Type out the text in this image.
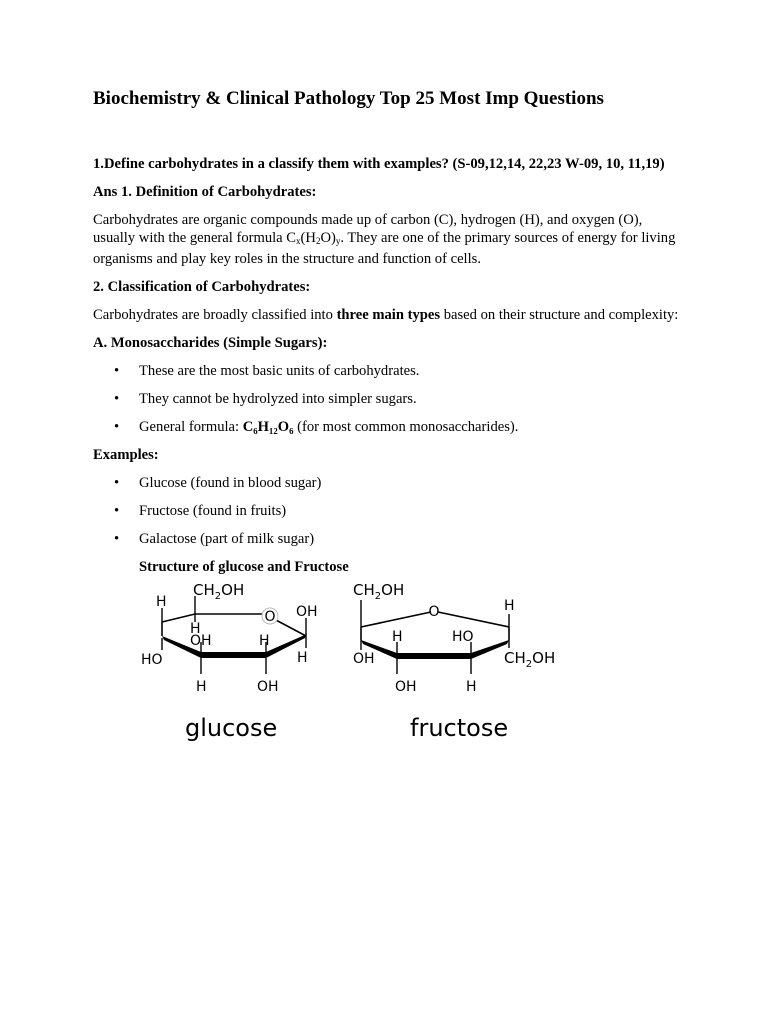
Biochemistry & Clinical Pathology Top 25 Most Imp Questions

1.Define carbohydrates in a classify them with examples? (S-09,12,14, 22,23 W-09, 10, 11,19)

Ans 1. Definition of Carbohydrates:

Carbohydrates are organic compounds made up of carbon (C), hydrogen (H), and oxygen (O), usually with the general formula $C_x(H_2O)_y$. They are one of the primary sources of energy for living organisms and play key roles in the structure and function of cells.

2. Classification of Carbohydrates:

Carbohydrates are broadly classified into three main types based on their structure and complexity:

A. Monosaccharides (Simple Sugars):

• These are the most basic units of carbohydrates.
• They cannot be hydrolyzed into simpler sugars.
• General formula: C₆H₁₂O₆ (for most common monosaccharides).

Examples:

• Glucose (found in blood sugar)
• Fructose (found in fruits)
• Galactose (part of milk sugar)

Structure of glucose and Fructose

O
$CH_2OH$
H
H
OH
OH	H
HO	H
H	OH
glucose
O
$CH_2OH$
H
H	HO
OH	$CH_2OH$
OH	H
fructose
